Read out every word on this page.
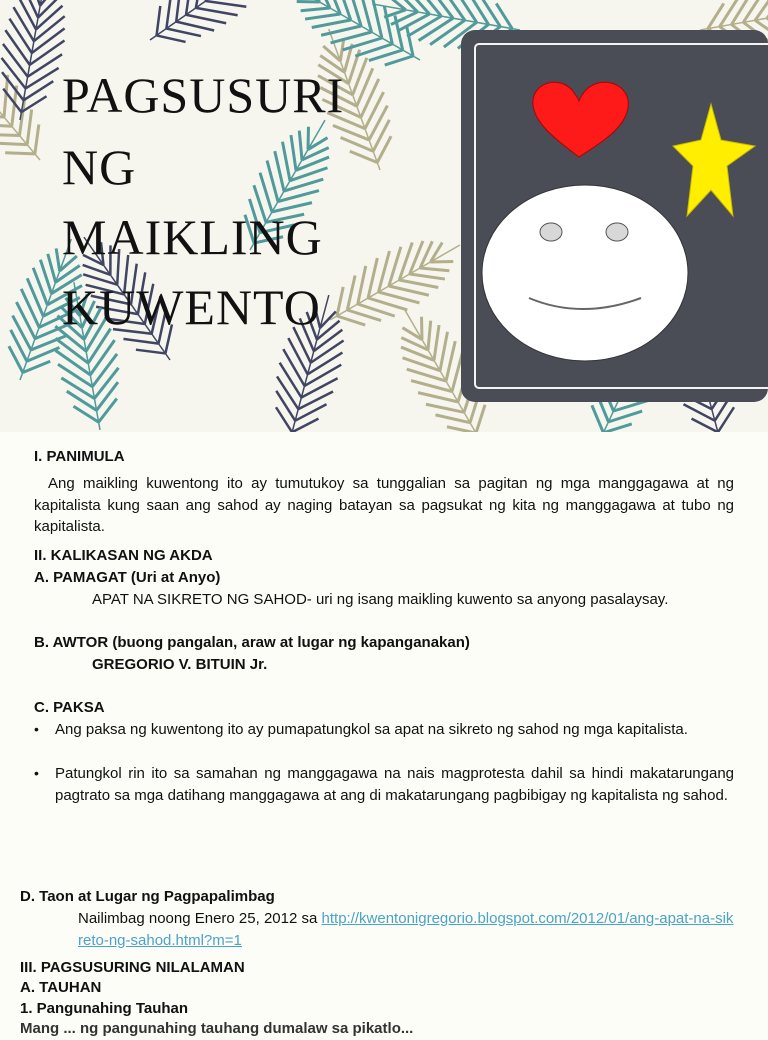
PAGSUSURI
NG
MAIKLING
KUWENTO
I. PANIMULA
Ang maikling kuwentong ito ay tumutukoy sa tunggalian sa pagitan ng mga manggagawa at ng kapitalista kung saan ang sahod ay naging batayan sa pagsukat ng kita ng manggagawa at tubo ng kapitalista.
II. KALIKASAN NG AKDA
A. PAMAGAT (Uri at Anyo)
APAT NA SIKRETO NG SAHOD- uri ng isang maikling kuwento sa anyong pasalaysay.
B. AWTOR (buong pangalan, araw at lugar ng kapanganakan)
GREGORIO V. BITUIN Jr.
C. PAKSA
• Ang paksa ng kuwentong ito ay pumapatungkol sa apat na sikreto ng sahod ng mga kapitalista.
• Patungkol rin ito sa samahan ng manggagawa na nais magprotesta dahil sa hindi makatarungang pagtrato sa mga datihang manggagawa at ang di makatarungang pagbibigay ng kapitalista ng sahod.
D. Taon at Lugar ng Pagpapalimbag
Nailimbag noong Enero 25, 2012 sa http://kwentonigregorio.blogspot.com/2012/01/ang-apat-na-sikreto-ng-sahod.html?m=1
III. PAGSUSURING NILALAMAN
A. TAUHAN
1. Pangunahing Tauhan
Mang ... ng pangunahing tauhang dumalaw sa pikatlo...
